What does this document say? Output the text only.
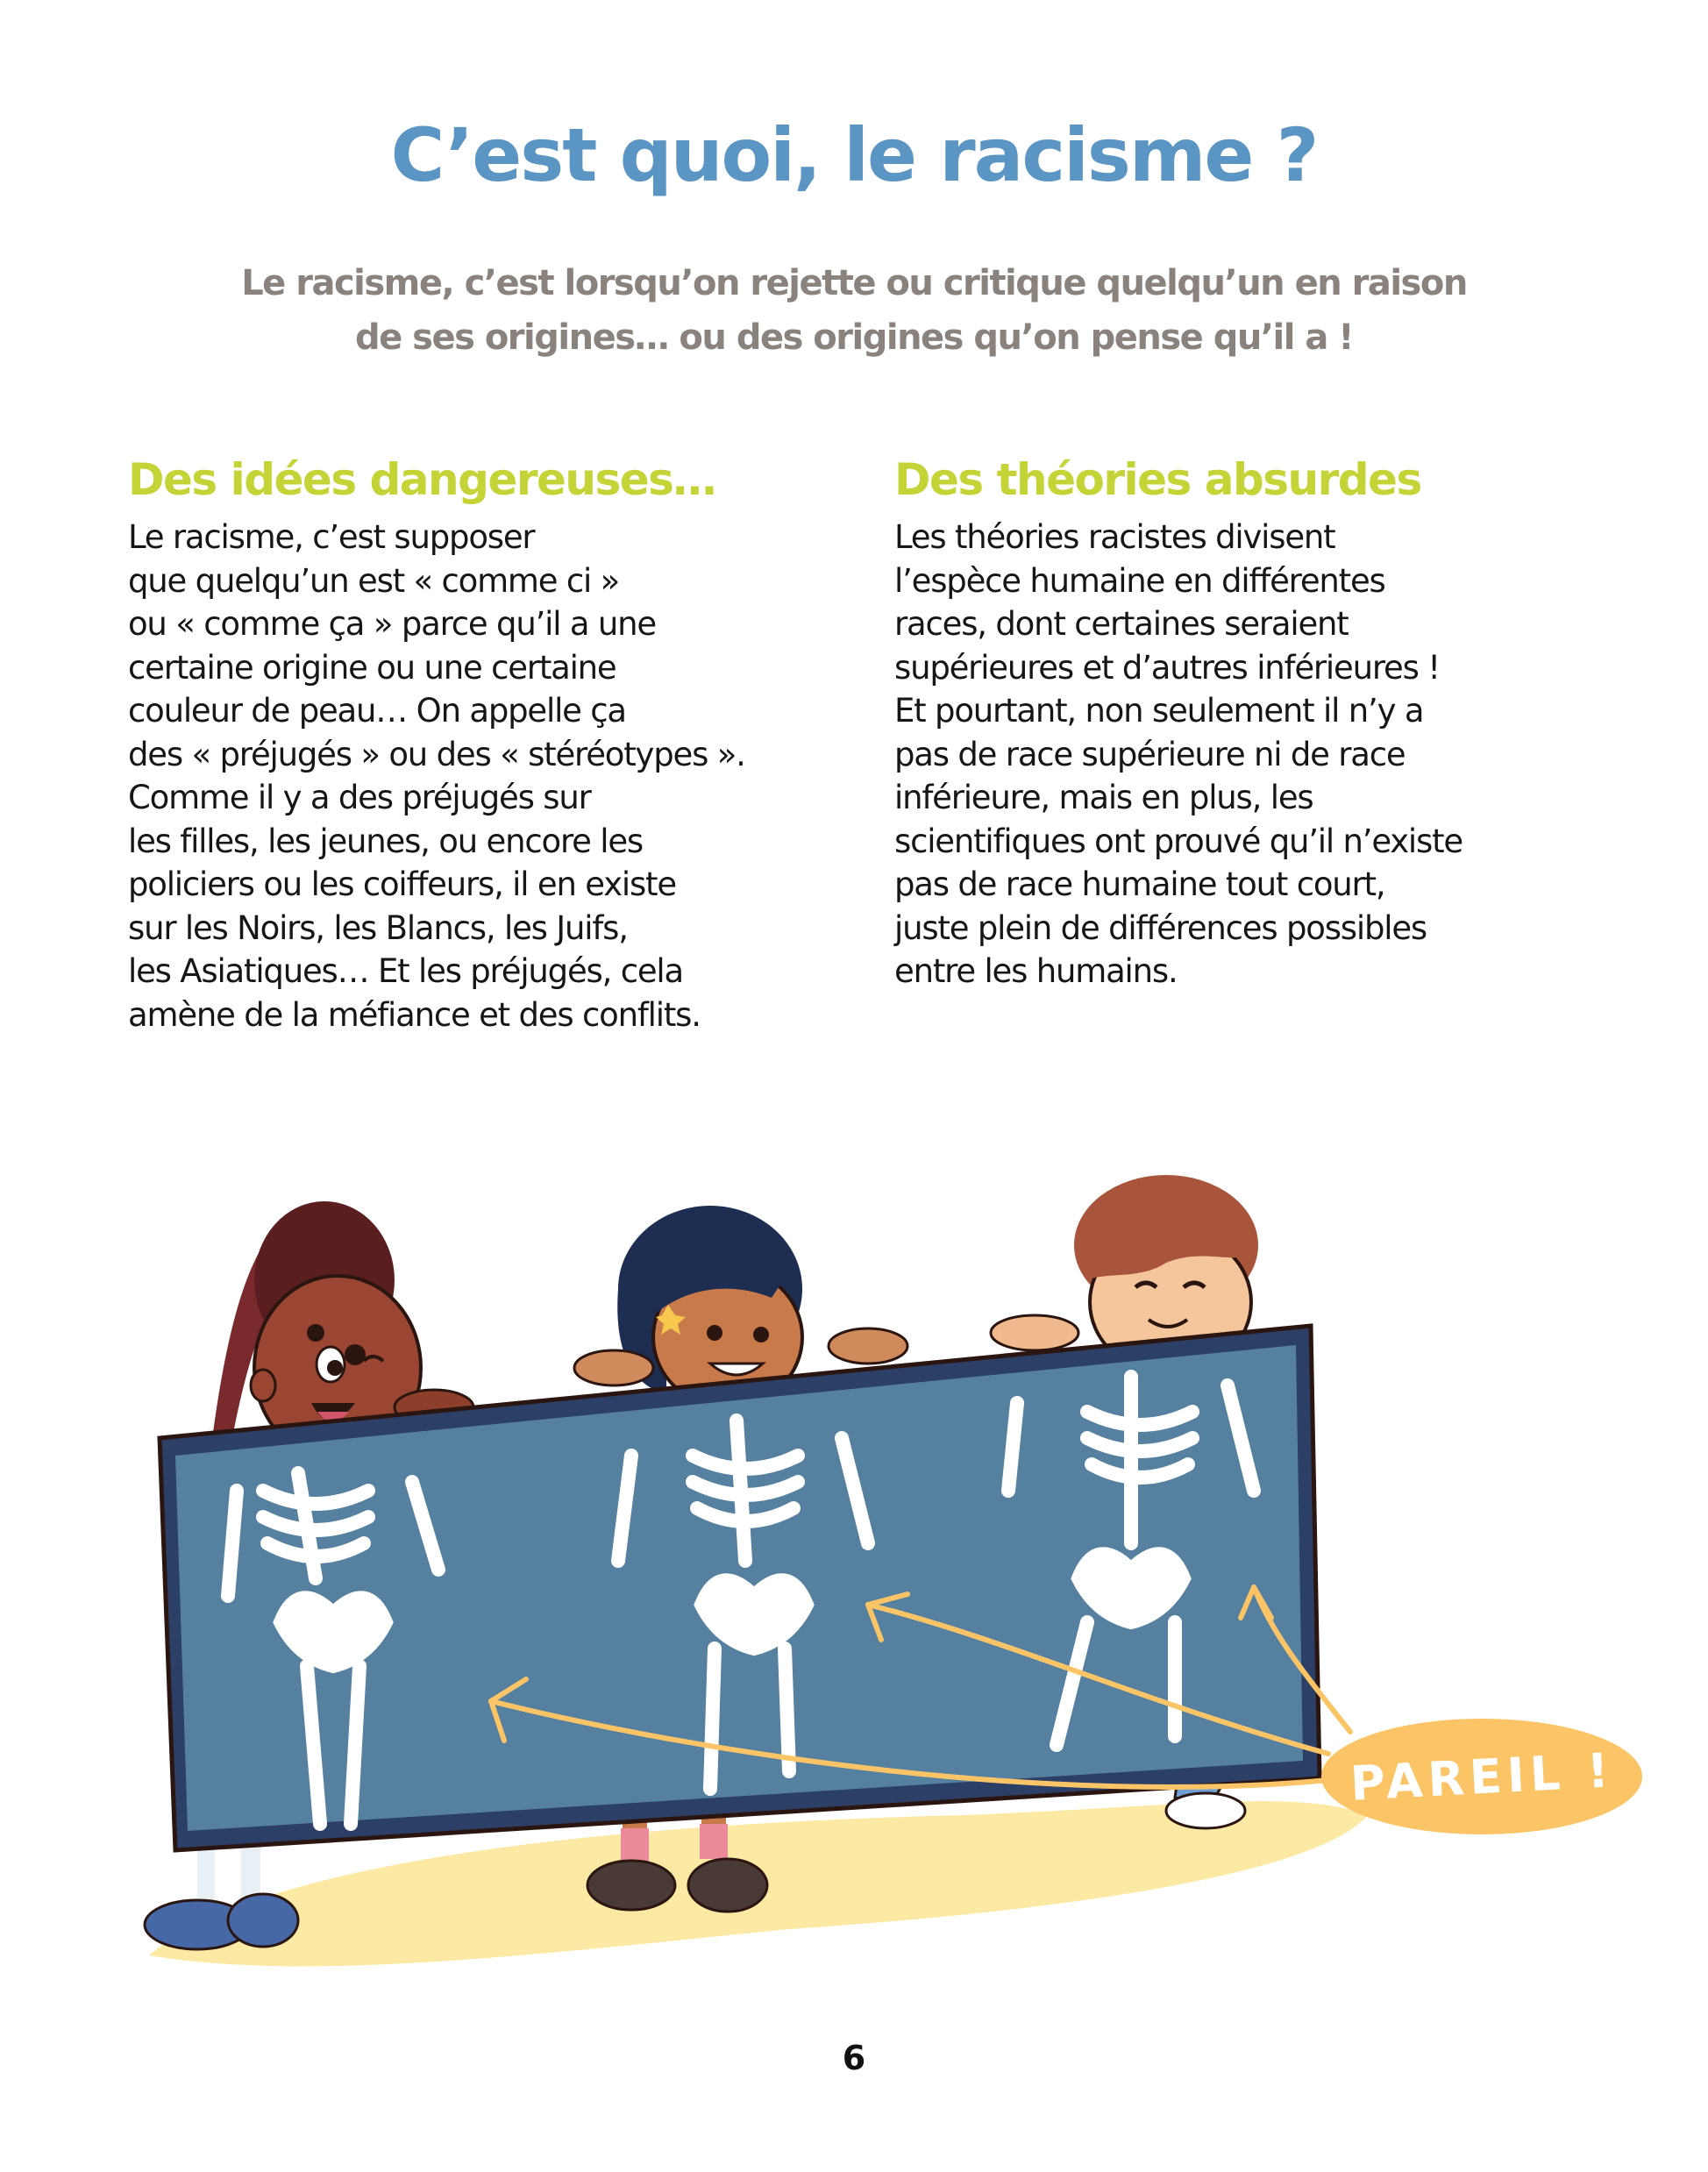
C’est quoi, le racisme ?
Le racisme, c’est lorsqu’on rejette ou critique quelqu’un en raison
de ses origines… ou des origines qu’on pense qu’il a !
Des idées dangereuses…
Le racisme, c’est supposer
que quelqu’un est « comme ci »
ou « comme ça » parce qu’il a une
certaine origine ou une certaine
couleur de peau… On appelle ça
des « préjugés » ou des « stéréotypes ».
Comme il y a des préjugés sur
les filles, les jeunes, ou encore les
policiers ou les coiffeurs, il en existe
sur les Noirs, les Blancs, les Juifs,
les Asiatiques… Et les préjugés, cela
amène de la méfiance et des conflits.
Des théories absurdes
Les théories racistes divisent
l’espèce humaine en différentes
races, dont certaines seraient
supérieures et d’autres inférieures !
Et pourtant, non seulement il n’y a
pas de race supérieure ni de race
inférieure, mais en plus, les
scientifiques ont prouvé qu’il n’existe
pas de race humaine tout court,
juste plein de différences possibles
entre les humains.
PAREIL !
6
